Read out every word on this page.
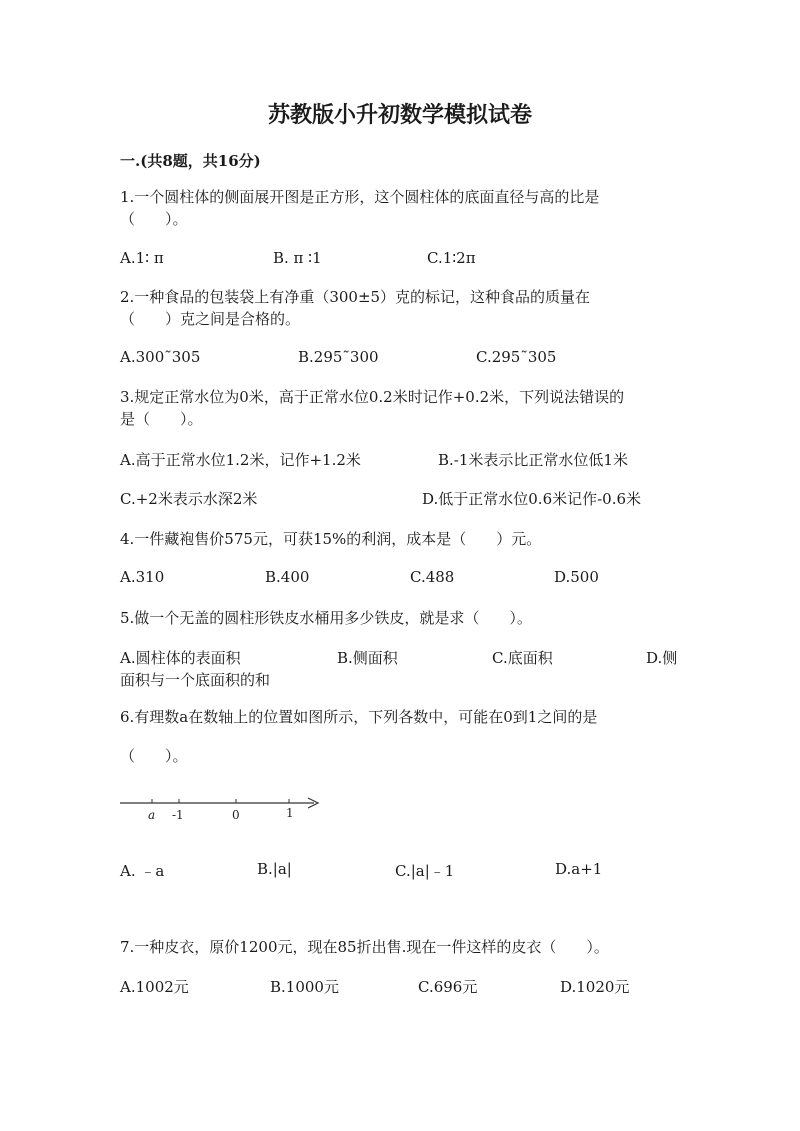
苏教版小升初数学模拟试卷
一.(共8题，共16分)
1.一个圆柱体的侧面展开图是正方形，这个圆柱体的底面直径与高的比是
（　　）。
A.1∶ π	B. π ∶1	C.1∶2π
2.一种食品的包装袋上有净重（300±5）克的标记，这种食品的质量在
（　　）克之间是合格的。
A.300˜305	B.295˜300	C.295˜305
3.规定正常水位为0米，高于正常水位0.2米时记作+0.2米，下列说法错误的
是（　　）。
A.高于正常水位1.2米，记作+1.2米	B.-1米表示比正常水位低1米
C.+2米表示水深2米	D.低于正常水位0.6米记作-0.6米
4.一件藏袍售价575元，可获15%的利润，成本是（　　）元。
A.310	B.400	C.488	D.500
5.做一个无盖的圆柱形铁皮水桶用多少铁皮，就是求（　　）。
A.圆柱体的表面积	B.侧面积	C.底面积	D.侧
面积与一个底面积的和
6.有理数a在数轴上的位置如图所示，下列各数中，可能在0到1之间的是
（　　）。
a -1	0	1
A. ﹣a	B.|a|	C.|a|﹣1	D.a+1
7.一种皮衣，原价1200元，现在85折出售.现在一件这样的皮衣（　　）。
A.1002元	B.1000元	C.696元	D.1020元
